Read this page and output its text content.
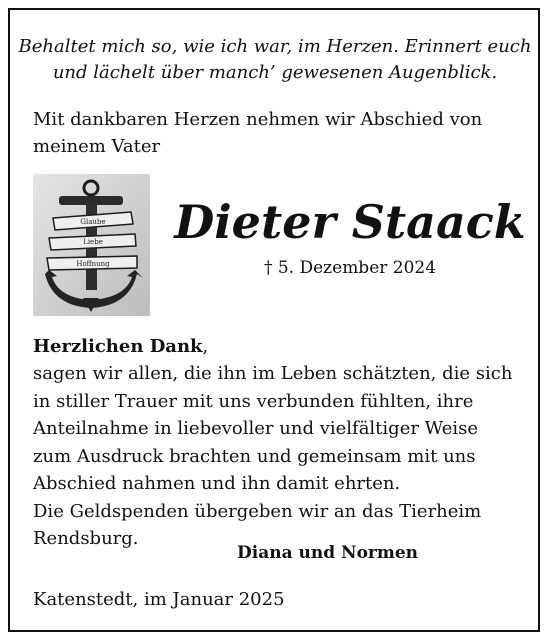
Behaltet mich so, wie ich war, im Herzen. Erinnert euch
und lächelt über manch’ gewesenen Augenblick.
Mit dankbaren Herzen nehmen wir Abschied von
meinem Vater
Glaube
Liebe
Hoffnung
Dieter Staack
† 5. Dezember 2024
Herzlichen Dank,
sagen wir allen, die ihn im Leben schätzten, die sich
in stiller Trauer mit uns verbunden fühlten, ihre
Anteilnahme in liebevoller und vielfältiger Weise
zum Ausdruck brachten und gemeinsam mit uns
Abschied nahmen und ihn damit ehrten.
Die Geldspenden übergeben wir an das Tierheim
Rendsburg.
Diana und Normen
Katenstedt, im Januar 2025
